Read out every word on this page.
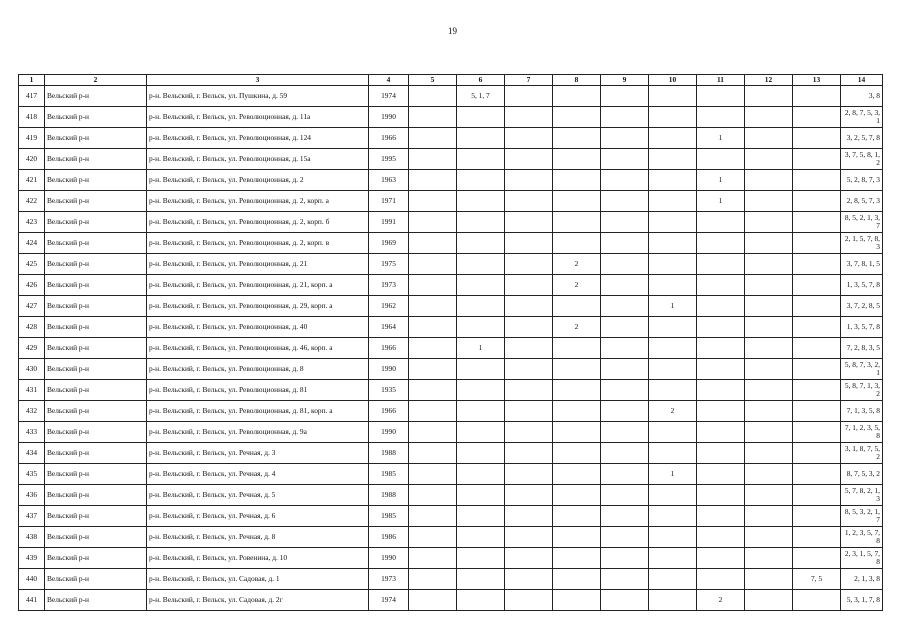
19
1	2	3	4	5	6	7	8	9	10	11	12	13	14
417	Вельский р-н	р-н. Вельский, г. Вельск, ул. Пушкина, д. 59	1974		5, 1, 7								3, 8
418	Вельский р-н	р-н. Вельский, г. Вельск, ул. Революционная, д. 11а	1990										2, 8, 7, 5, 3, 1
419	Вельский р-н	р-н. Вельский, г. Вельск, ул. Революционная, д. 124	1966							1			3, 2, 5, 7, 8
420	Вельский р-н	р-н. Вельский, г. Вельск, ул. Революционная, д. 15а	1995										3, 7, 5, 8, 1, 2
421	Вельский р-н	р-н. Вельский, г. Вельск, ул. Революционная, д. 2	1963							1			5, 2, 8, 7, 3
422	Вельский р-н	р-н. Вельский, г. Вельск, ул. Революционная, д. 2, корп. а	1971							1			2, 8, 5, 7, 3
423	Вельский р-н	р-н. Вельский, г. Вельск, ул. Революционная, д. 2, корп. б	1991										8, 5, 2, 1, 3, 7
424	Вельский р-н	р-н. Вельский, г. Вельск, ул. Революционная, д. 2, корп. в	1969										2, 1, 5, 7, 8, 3
425	Вельский р-н	р-н. Вельский, г. Вельск, ул. Революционная, д. 21	1975				2						3, 7, 8, 1, 5
426	Вельский р-н	р-н. Вельский, г. Вельск, ул. Революционная, д. 21, корп. а	1973				2						1, 3, 5, 7, 8
427	Вельский р-н	р-н. Вельский, г. Вельск, ул. Революционная, д. 29, корп. а	1962						1				3, 7, 2, 8, 5
428	Вельский р-н	р-н. Вельский, г. Вельск, ул. Революционная, д. 40	1964				2						1, 3, 5, 7, 8
429	Вельский р-н	р-н. Вельский, г. Вельск, ул. Революционная, д. 46, корп. а	1966		1								7, 2, 8, 3, 5
430	Вельский р-н	р-н. Вельский, г. Вельск, ул. Революционная, д. 8	1990										5, 8, 7, 3, 2, 1
431	Вельский р-н	р-н. Вельский, г. Вельск, ул. Революционная, д. 81	1935										5, 8, 7, 1, 3, 2
432	Вельский р-н	р-н. Вельский, г. Вельск, ул. Революционная, д. 81, корп. а	1966						2				7, 1, 3, 5, 8
433	Вельский р-н	р-н. Вельский, г. Вельск, ул. Революционная, д. 9а	1990										7, 1, 2, 3, 5, 8
434	Вельский р-н	р-н. Вельский, г. Вельск, ул. Речная, д. 3	1988										3, 1, 8, 7, 5, 2
435	Вельский р-н	р-н. Вельский, г. Вельск, ул. Речная, д. 4	1985						1				8, 7, 5, 3, 2
436	Вельский р-н	р-н. Вельский, г. Вельск, ул. Речная, д. 5	1988										5, 7, 8, 2, 1, 3
437	Вельский р-н	р-н. Вельский, г. Вельск, ул. Речная, д. 6	1985										8, 5, 3, 2, 1, 7
438	Вельский р-н	р-н. Вельский, г. Вельск, ул. Речная, д. 8	1986										1, 2, 3, 5, 7, 8
439	Вельский р-н	р-н. Вельский, г. Вельск, ул. Ровенина, д. 10	1990										2, 3, 1, 5, 7, 8
440	Вельский р-н	р-н. Вельский, г. Вельск, ул. Садовая, д. 1	1973									7, 5	2, 1, 3, 8
441	Вельский р-н	р-н. Вельский, г. Вельск, ул. Садовая, д. 2г	1974							2			5, 3, 1, 7, 8
